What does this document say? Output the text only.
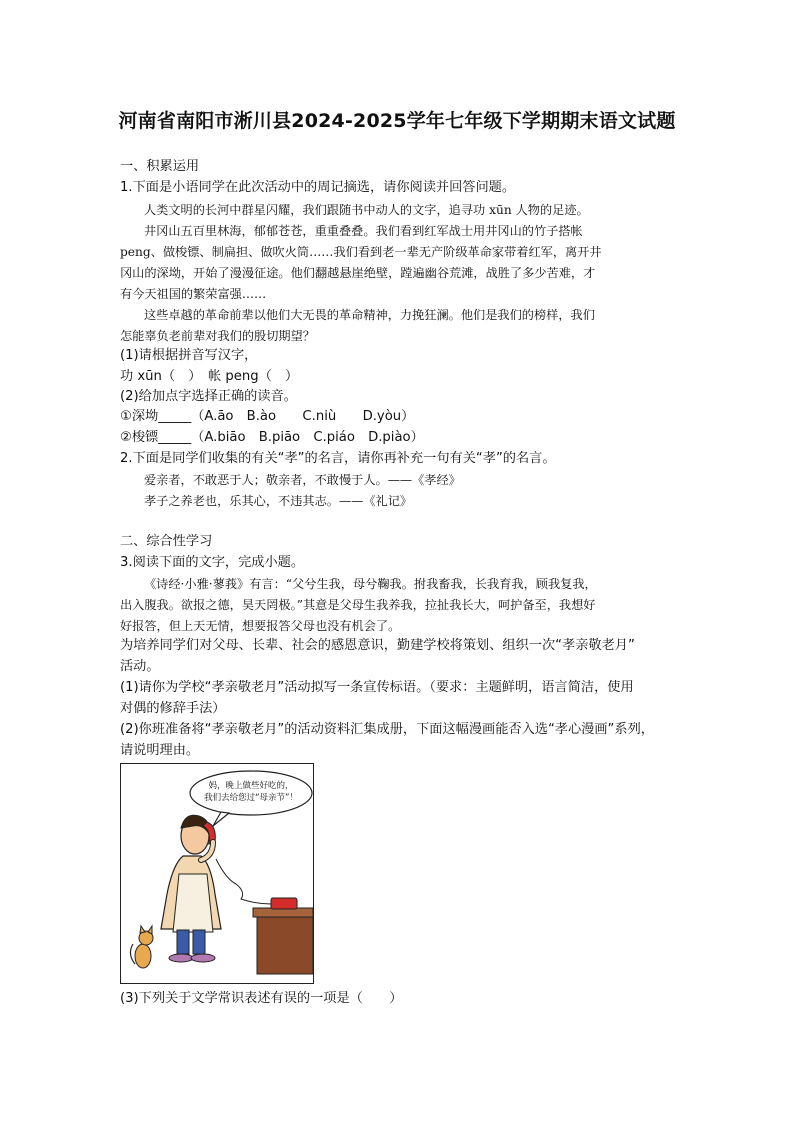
河南省南阳市淅川县2024-2025学年七年级下学期期末语文试题
一、积累运用
1.下面是小语同学在此次活动中的周记摘选，请你阅读并回答问题。
人类文明的长河中群星闪耀，我们跟随书中动人的文字，追寻功 xūn 人物的足迹。
井冈山五百里林海，郁郁苍苍，重重叠叠。我们看到红军战士用井冈山的竹子搭帐
peng、做梭镖、制扁担、做吹火筒……我们看到老一辈无产阶级革命家带着红军，离开井
冈山的深坳，开始了漫漫征途。他们翻越悬崖绝壁，蹚遍幽谷荒滩，战胜了多少苦难，才
有今天祖国的繁荣富强……
这些卓越的革命前辈以他们大无畏的革命精神，力挽狂澜。他们是我们的榜样，我们
怎能辜负老前辈对我们的殷切期望？
(1)请根据拼音写汉字，
功 xūn（　）　帐 peng（　）
(2)给加点字选择正确的读音。
①深坳_____（A.āo　B.ào　　C.niù　　D.yòu）
②梭镖_____（A.biāo　B.piāo　C.piáo　D.piào）
2.下面是同学们收集的有关“孝”的名言，请你再补充一句有关“孝”的名言。
爱亲者，不敢恶于人；敬亲者，不敢慢于人。——《孝经》
孝子之养老也，乐其心，不违其志。——《礼记》
二、综合性学习
3.阅读下面的文字，完成小题。
《诗经·小雅·蓼莪》有言：“父兮生我，母兮鞠我。拊我畜我，长我育我，顾我复我，
出入腹我。欲报之德，昊天罔极。”其意是父母生我养我，拉扯我长大，呵护备至，我想好
好报答，但上天无情，想要报答父母也没有机会了。
为培养同学们对父母、长辈、社会的感恩意识，勤建学校将策划、组织一次“孝亲敬老月”
活动。
(1)请你为学校“孝亲敬老月”活动拟写一条宣传标语。（要求：主题鲜明，语言简洁，使用
对偶的修辞手法）
(2)你班准备将“孝亲敬老月”的活动资料汇集成册，下面这幅漫画能否入选“孝心漫画”系列，
请说明理由。
妈，晚上做些好吃的，
我们去给您过“母亲节”！
(3)下列关于文学常识表述有误的一项是（　　）
